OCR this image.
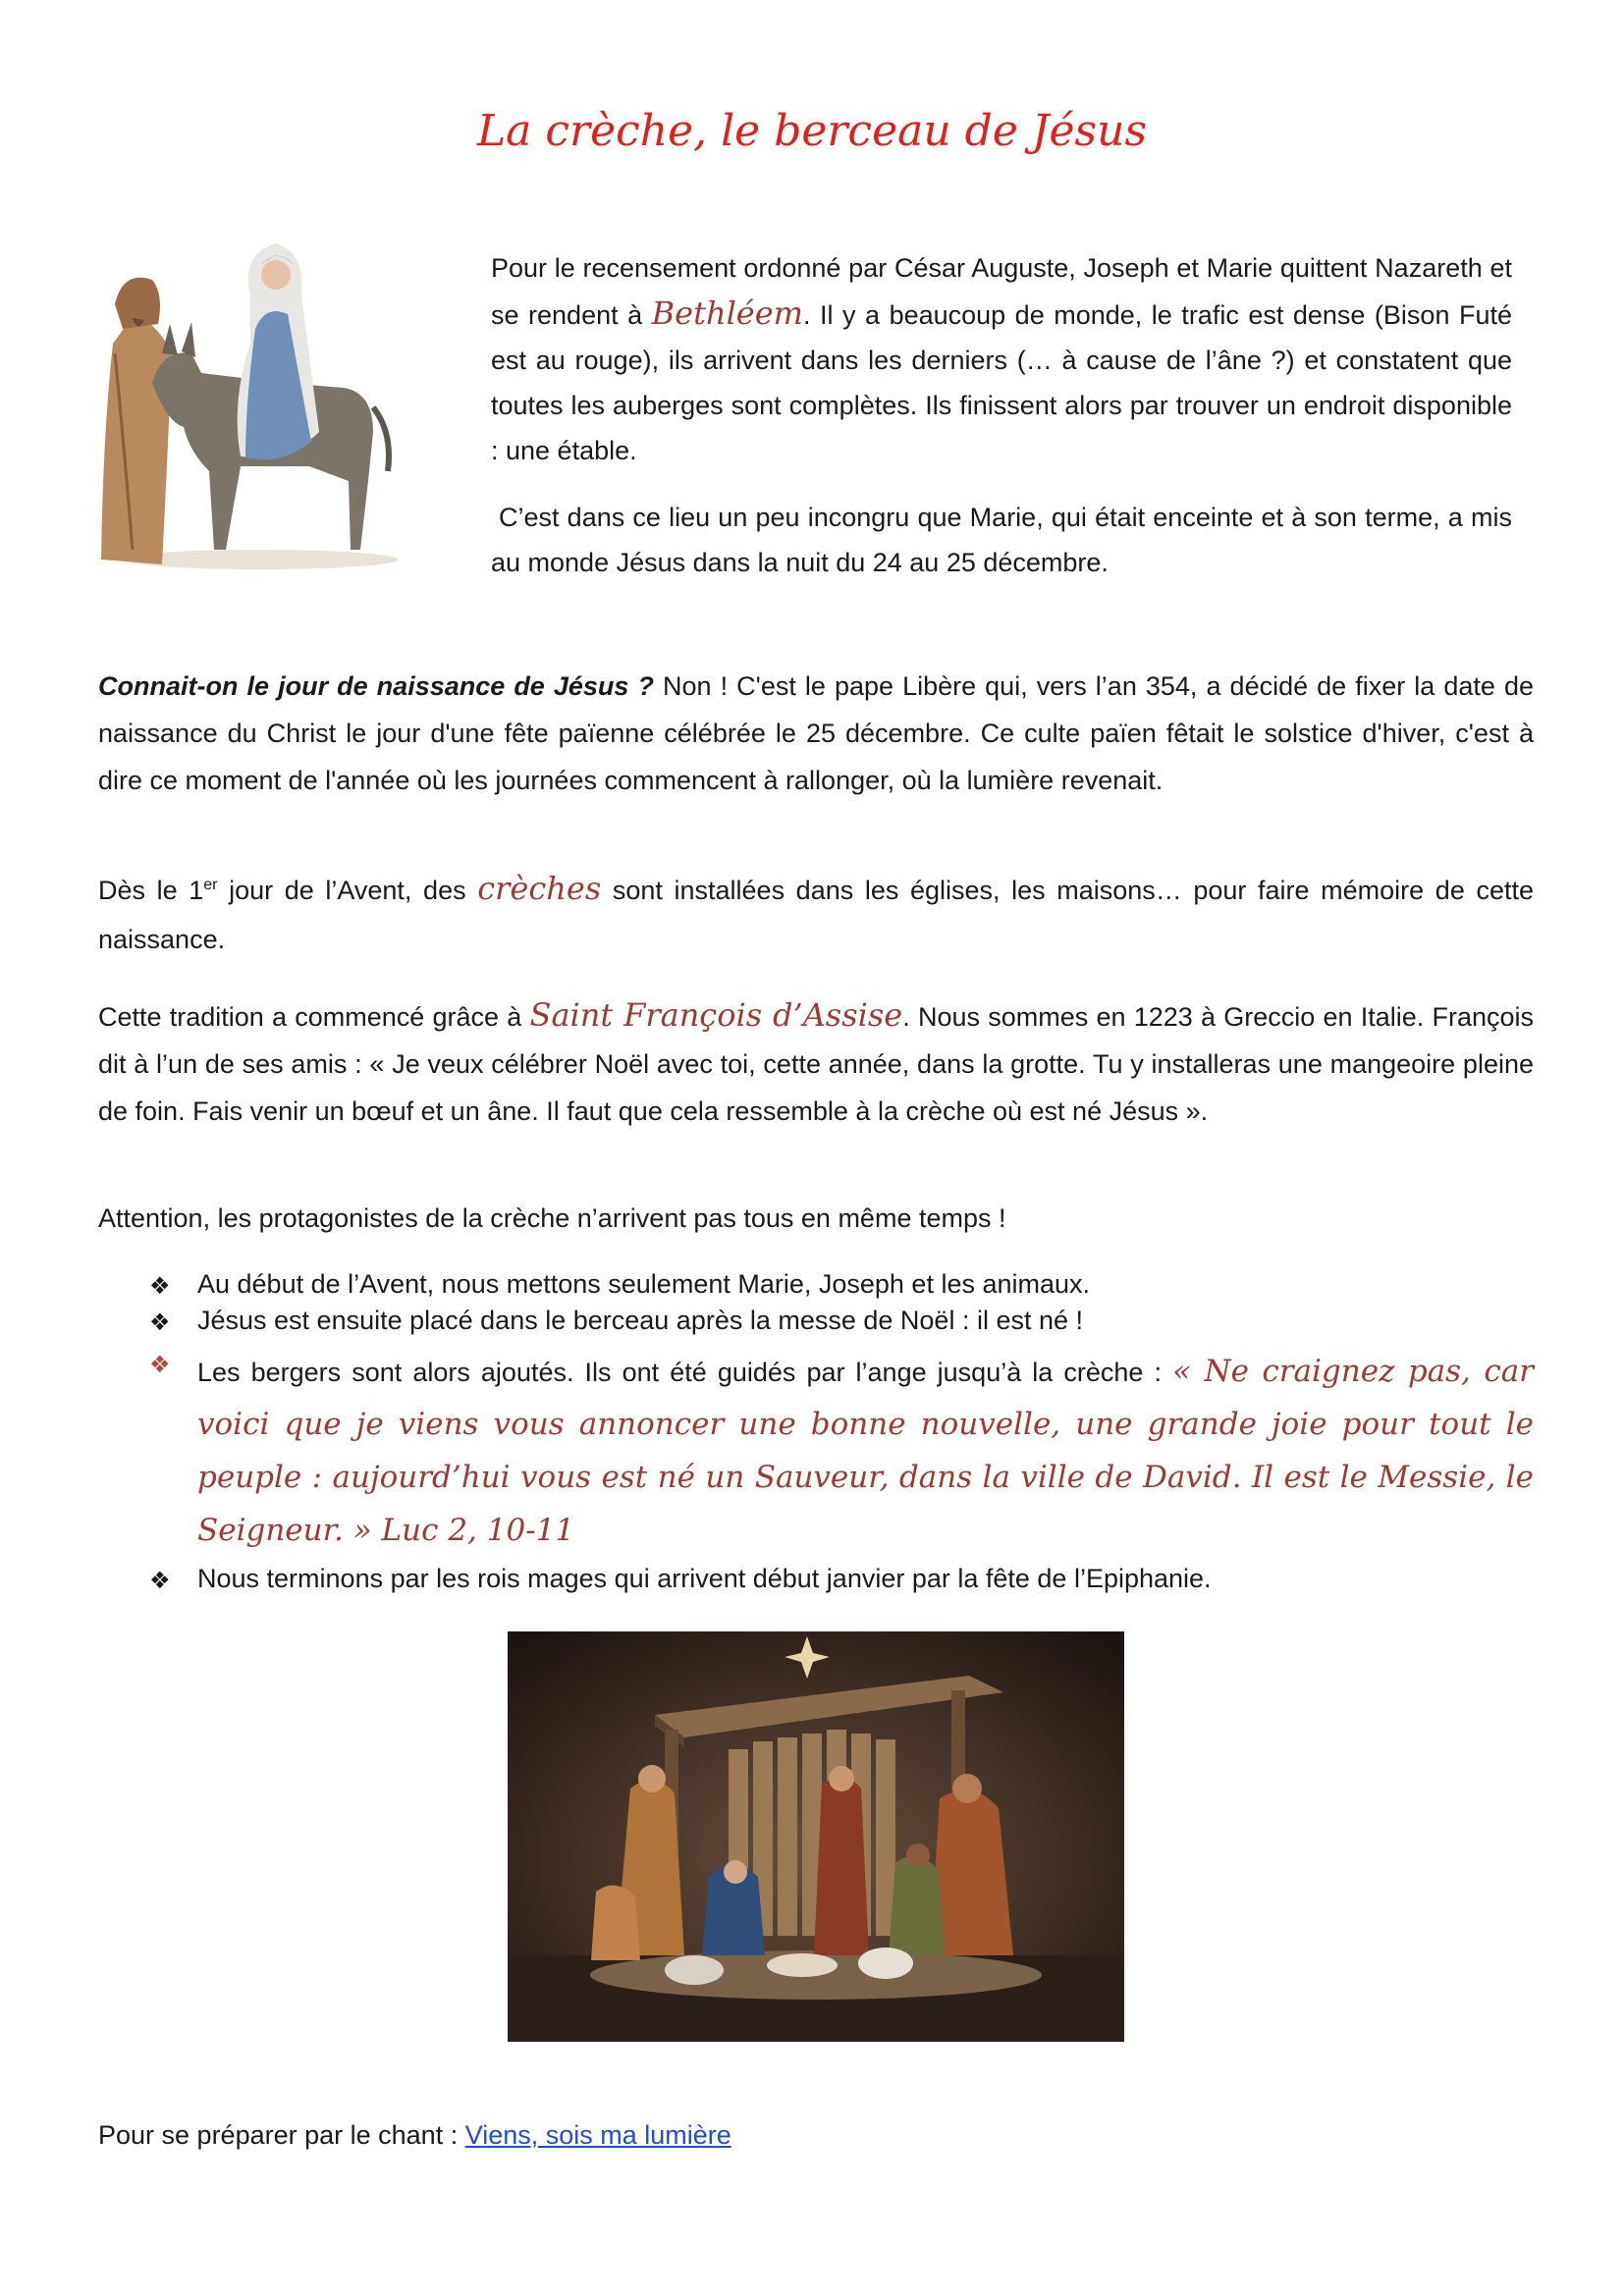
La crèche, le berceau de Jésus

Pour le recensement ordonné par César Auguste, Joseph et Marie quittent Nazareth et se rendent à Bethléem. Il y a beaucoup de monde, le trafic est dense (Bison Futé est au rouge), ils arrivent dans les derniers (… à cause de l’âne ?) et constatent que toutes les auberges sont complètes. Ils finissent alors par trouver un endroit disponible : une étable.

C’est dans ce lieu un peu incongru que Marie, qui était enceinte et à son terme, a mis au monde Jésus dans la nuit du 24 au 25 décembre.

Connait-on le jour de naissance de Jésus ? Non ! C'est le pape Libère qui, vers l’an 354, a décidé de fixer la date de naissance du Christ le jour d'une fête païenne célébrée le 25 décembre. Ce culte païen fêtait le solstice d'hiver, c'est à dire ce moment de l'année où les journées commencent à rallonger, où la lumière revenait.

Dès le 1er jour de l’Avent, des crèches sont installées dans les églises, les maisons… pour faire mémoire de cette naissance.

Cette tradition a commencé grâce à Saint François d’Assise. Nous sommes en 1223 à Greccio en Italie. François dit à l’un de ses amis : « Je veux célébrer Noël avec toi, cette année, dans la grotte. Tu y installeras une mangeoire pleine de foin. Fais venir un bœuf et un âne. Il faut que cela ressemble à la crèche où est né Jésus ».

Attention, les protagonistes de la crèche n’arrivent pas tous en même temps !

❖ Au début de l’Avent, nous mettons seulement Marie, Joseph et les animaux.
❖ Jésus est ensuite placé dans le berceau après la messe de Noël : il est né !
❖ Les bergers sont alors ajoutés. Ils ont été guidés par l’ange jusqu’à la crèche : « Ne craignez pas, car voici que je viens vous annoncer une bonne nouvelle, une grande joie pour tout le peuple : aujourd’hui vous est né un Sauveur, dans la ville de David. Il est le Messie, le Seigneur. » Luc 2, 10-11
❖ Nous terminons par les rois mages qui arrivent début janvier par la fête de l’Epiphanie.
Pour se préparer par le chant : Viens, sois ma lumière
